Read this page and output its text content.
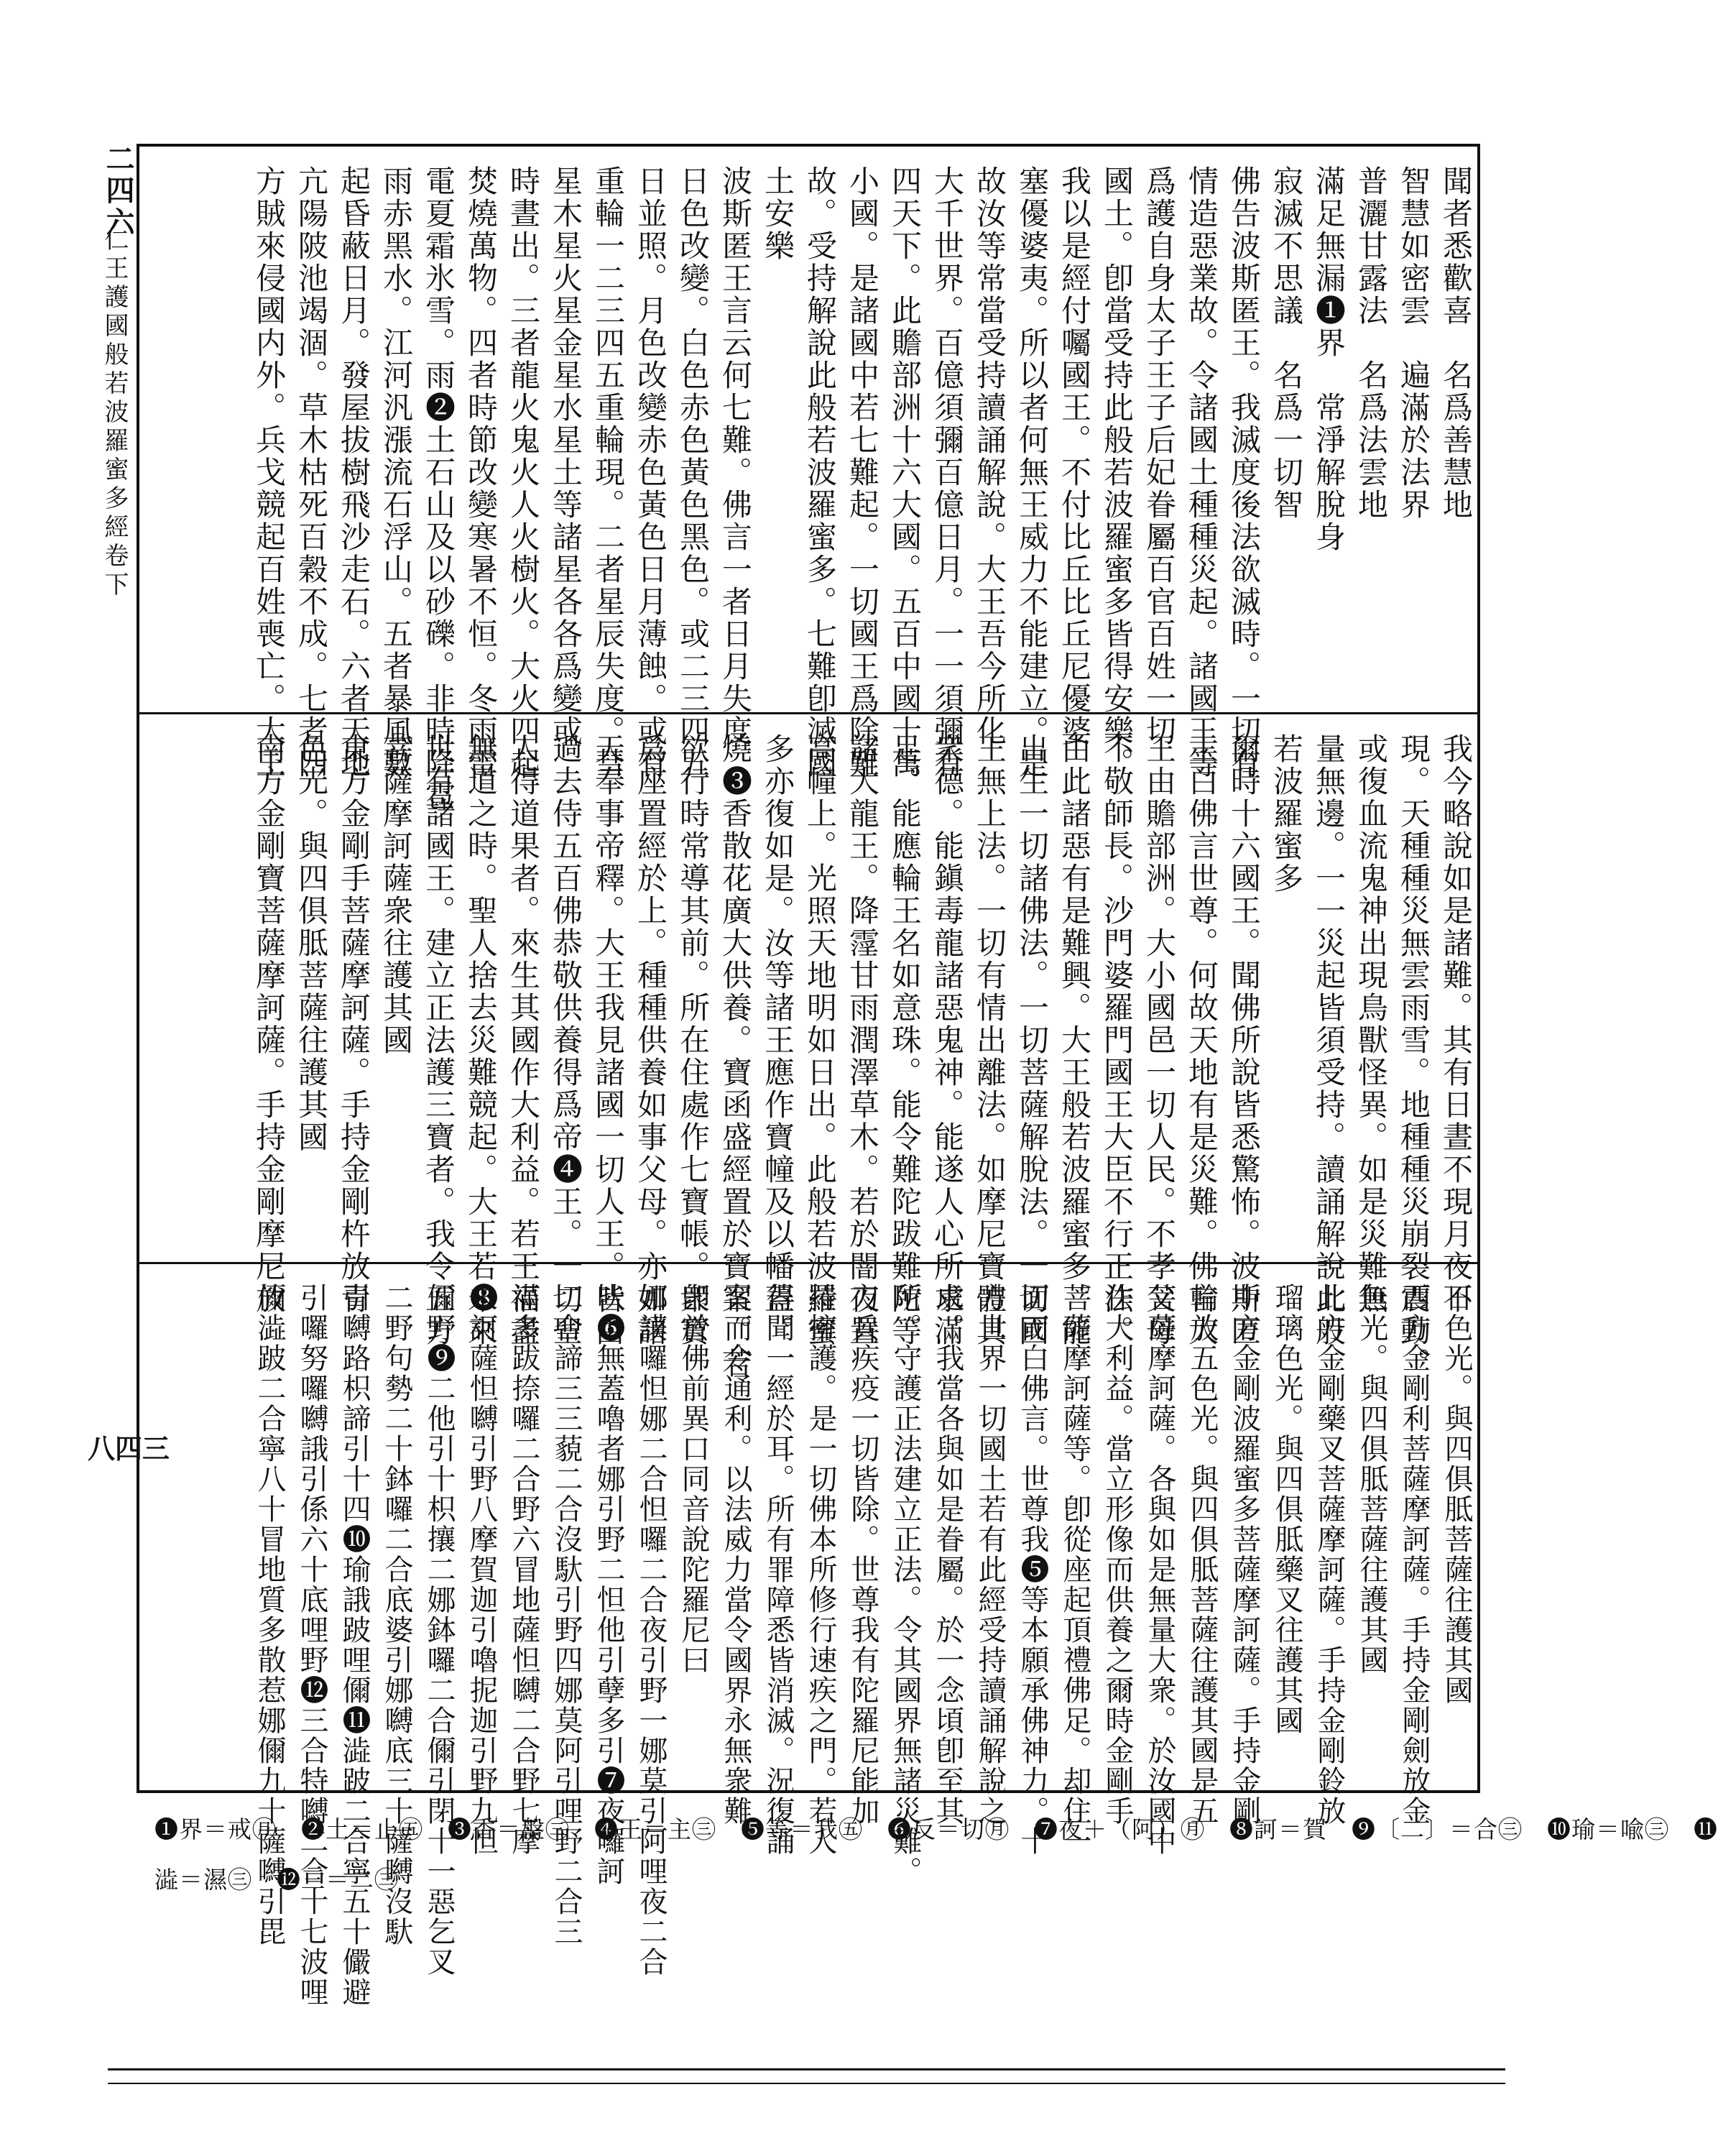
二四六
仁王護國般若波羅蜜多經卷下
八四三
聞者悉歡喜　名爲善慧地
智慧如密雲　遍滿於法界
普灑甘露法　名爲法雲地
滿足無漏❶界　常淨解脫身
寂滅不思議　名爲一切智
佛告波斯匿王。我滅度後法欲滅時。一切有
情造惡業故。令諸國土種種災起。諸國王等
爲護自身太子王子后妃眷屬百官百姓一切
國土。卽當受持此般若波羅蜜多皆得安樂。
我以是經付囑國王。不付比丘比丘尼優婆
塞優婆夷。所以者何無王威力不能建立。是
故汝等常當受持讀誦解說。大王吾今所化
大千世界。百億須彌百億日月。一一須彌有
四天下。此贍部洲十六大國。五百中國十萬
小國。是諸國中若七難起。一切國王爲除難
故。受持解說此般若波羅蜜多。七難卽滅國
土安樂
波斯匿王言云何七難。佛言一者日月失度
日色改變。白色赤色黃色黑色。或二三四五
日並照。月色改變赤色黃色日月薄蝕。或有
重輪一二三四五重輪現。二者星辰失度。彗
星木星火星金星水星土等諸星各各爲變或
時晝出。三者龍火鬼火人火樹火。大火四起
焚燒萬物。四者時節改變寒暑不恒。冬雨雷
電夏霜氷雪。雨❷土石山及以砂礫。非時降雹
雨赤黑水。江河汎漲流石浮山。五者暴風數
起昏蔽日月。發屋拔樹飛沙走石。六者天地
亢陽陂池竭涸。草木枯死百穀不成。七者四
方賊來侵國内外。兵戈競起百姓喪亡。大王
我今略說如是諸難。其有日晝不現月夜不
現。天種種災無雲雨雪。地種種災崩裂震動。
或復血流鬼神出現鳥獸怪異。如是災難無
量無邊。一一災起皆須受持。讀誦解說此般
若波羅蜜多
爾時十六國王。聞佛所說皆悉驚怖。波斯匿
王白佛言世尊。何故天地有是災難。佛言大
王由贍部洲。大小國邑一切人民。不孝父母
不敬師長。沙門婆羅門國王大臣不行正法。
由此諸惡有是難興。大王般若波羅蜜多。能
出生一切諸佛法。一切菩薩解脫法。一切國
王無上法。一切有情出離法。如摩尼寶體具
衆德。能鎭毒龍諸惡鬼神。能遂人心所求滿
足。能應輪王名如意珠。能令難陀跋難陀等
諸大龍王。降霪甘雨潤澤草木。若於闇夜置
高幢上。光照天地明如日出。此般若波羅蜜
多亦復如是。汝等諸王應作寶幢及以幡蓋。
燒❸香散花廣大供養。寶函盛經置於寶案。若
欲行時常導其前。所在住處作七寶帳。衆寶
爲座置經於上。種種供養如事父母。亦如諸
天奉事帝釋。大王我見諸國一切人王。皆由
過去侍五百佛恭敬供養得爲帝❹王。一切聖
人得道果者。來生其國作大利益。若王福盡
無道之時。聖人捨去災難競起。大王若未來
世有諸國王。建立正法護三寶者。我令五方
菩薩摩訶薩衆往護其國
東方金剛手菩薩摩訶薩。手持金剛杵放青
色光。與四俱胝菩薩往護其國
南方金剛寶菩薩摩訶薩。手持金剛摩尼放
日色光。與四俱胝菩薩往護其國
西方金剛利菩薩摩訶薩。手持金剛劍放金
色光。與四俱胝菩薩往護其國
北方金剛藥叉菩薩摩訶薩。手持金剛鈴放
瑠璃色光。與四俱胝藥叉往護其國
中方金剛波羅蜜多菩薩摩訶薩。手持金剛
輪放五色光。與四俱胝菩薩往護其國是五
菩薩摩訶薩。各與如是無量大衆。於汝國中
作大利益。當立形像而供養之爾時金剛手
菩薩摩訶薩等。卽從座起頂禮佛足。却住一
面而白佛言。世尊我❺等本願承佛神力。十
方世界一切國土若有此經受持讀誦解說之
處。我當各與如是眷屬。於一念頃卽至其
所。守護正法建立正法。令其國界無諸災難。
刀兵疾疫一切皆除。世尊我有陀羅尼能加
持擁護。是一切佛本所修行速疾之門。若人
得聞一經於耳。所有罪障悉皆消滅。況復誦
習而令通利。以法威力當令國界永無衆難。
卽於佛前異口同音說陀羅尼曰
娜謨囉怛娜二合怛囉二合夜引野一娜莫引阿哩夜二合
吠❻無蓋嚕者娜引野二怛他引孽多引❼夜囉訶
二合諦三三藐二合沒馱引野四娜莫阿引哩野二合三
滿多跋捺囉二合野六冒地薩怛嚩二合野七摩
❽訶薩怛嚩引野八摩賀迦引嚕抳迦引野九怛
儞野❾二他引十枳攘二娜鉢囉二合儞引閉十一惡乞叉
二野句勢二十鉢囉二合底婆引娜嚩底三十薩嚩沒馱
引嚩路枳諦引十四❿瑜誐跛哩儞⓫澁跛二合寧五十儼避
引囉努囉嚩誐引係六十底哩野⓬三合特嚩二合十七波哩
儞澁跛二合寧八十冒地質多散惹娜儞九十薩嚩引毘
❶界＝戒㊊　❷土＝止㊄　❸香＝盤㊂　❹王＝主㊂　❺等＝我㊄　❻反＝切㊊　❼夜＋（阿）㊊　❽訶＝賀　❾〔二〕＝合㊂　❿瑜＝喩㊂　⓫
澁＝濕㊂　⓬三＝二㊂
